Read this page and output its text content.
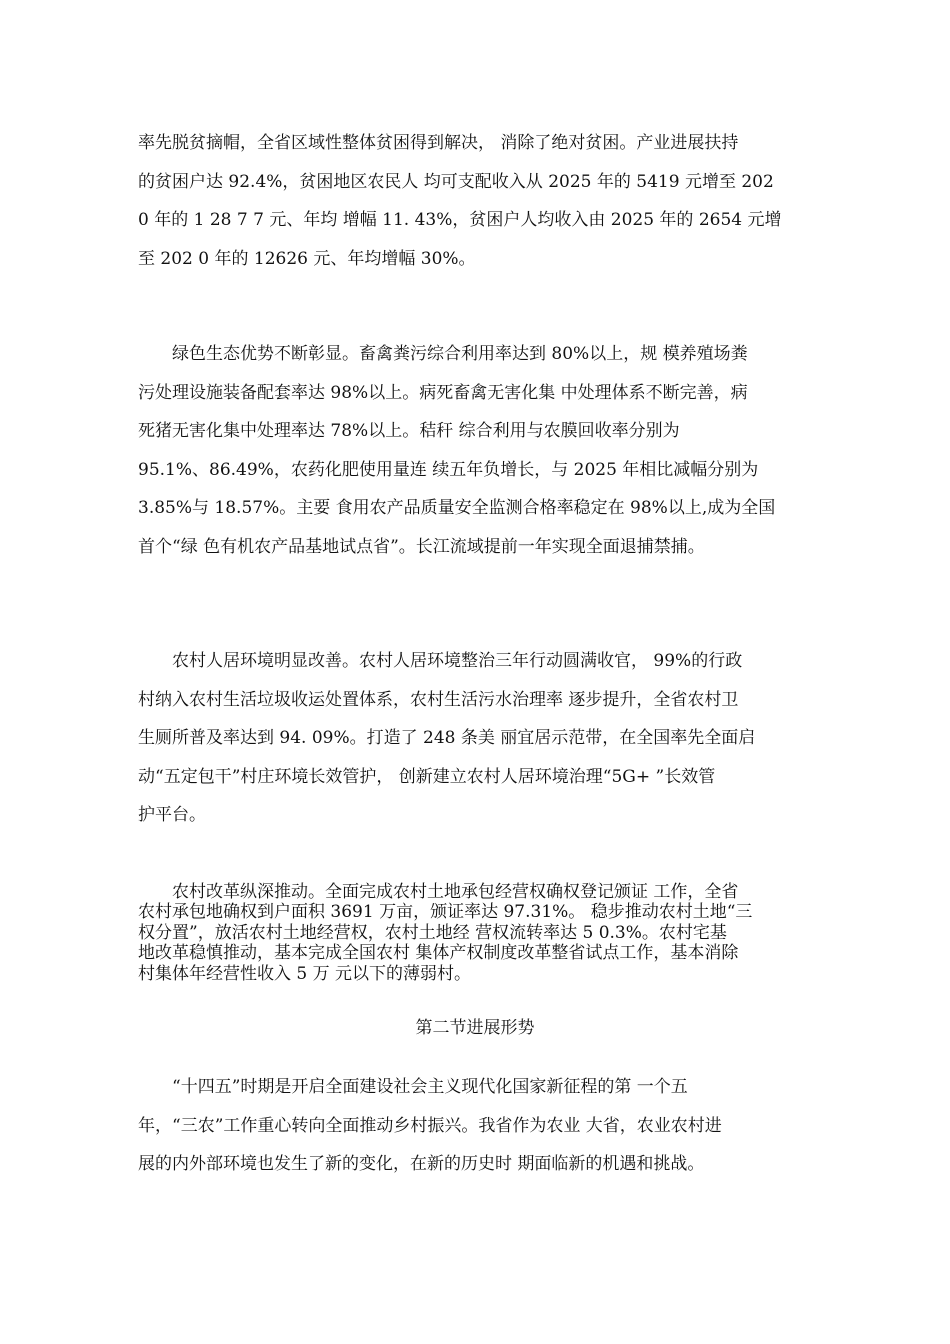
率先脱贫摘帽，全省区域性整体贫困得到解决， 消除了绝对贫困。产业进展扶持
的贫困户达 92.4%，贫困地区农民人 均可支配收入从 2025 年的 5419 元增至 202
0 年的 1 28 7 7 元、年均 增幅 11. 43%，贫困户人均收入由 2025 年的 2654 元增
至 202 0 年的 12626 元、年均增幅 30%。
绿色生态优势不断彰显。畜禽粪污综合利用率达到 80%以上，规 模养殖场粪
污处理设施装备配套率达 98%以上。病死畜禽无害化集 中处理体系不断完善，病
死猪无害化集中处理率达 78%以上。秸秆 综合利用与农膜回收率分别为
95.1%、86.49%，农药化肥使用量连 续五年负增长，与 2025 年相比减幅分别为
3.85%与 18.57%。主要 食用农产品质量安全监测合格率稳定在 98%以上,成为全国
首个“绿 色有机农产品基地试点省”。长江流域提前一年实现全面退捕禁捕。
农村人居环境明显改善。农村人居环境整治三年行动圆满收官， 99%的行政
村纳入农村生活垃圾收运处置体系，农村生活污水治理率 逐步提升，全省农村卫
生厕所普及率达到 94. 09%。打造了 248 条美 丽宜居示范带，在全国率先全面启
动“五定包干”村庄环境长效管护， 创新建立农村人居环境治理“5G+ ”长效管
护平台。
农村改革纵深推动。全面完成农村土地承包经营权确权登记颁证 工作，全省
农村承包地确权到户面积 3691 万亩，颁证率达 97.31%。 稳步推动农村土地“三
权分置”，放活农村土地经营权，农村土地经 营权流转率达 5 0.3%。农村宅基
地改革稳慎推动，基本完成全国农村 集体产权制度改革整省试点工作，基本消除
村集体年经营性收入 5 万 元以下的薄弱村。

第二节进展形势

“十四五”时期是开启全面建设社会主义现代化国家新征程的第 一个五
年，“三农”工作重心转向全面推动乡村振兴。我省作为农业 大省，农业农村进
展的内外部环境也发生了新的变化，在新的历史时 期面临新的机遇和挑战。
